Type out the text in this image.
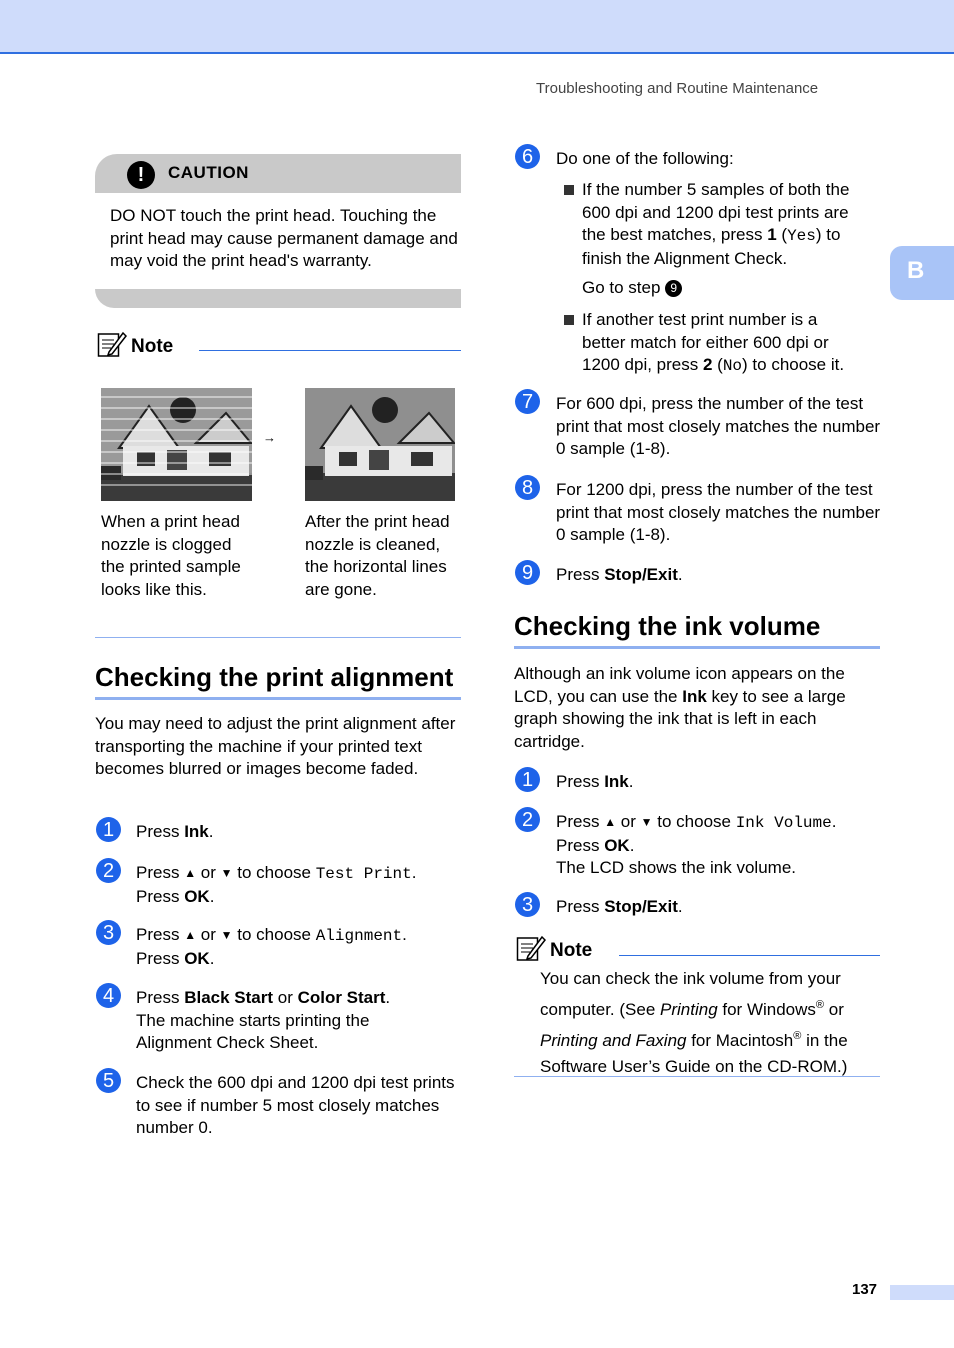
Troubleshooting and Routine Maintenance
B
!	CAUTION
DO NOT touch the print head. Touching the print head may cause permanent damage and may void the print head's warranty.
Note
→
When a print head nozzle is clogged the printed sample looks like this.
After the print head nozzle is cleaned, the horizontal lines are gone.
Checking the print alignment
You may need to adjust the print alignment after transporting the machine if your printed text becomes blurred or images become faded.
1	Press Ink.
2	Press ▲ or ▼ to choose Test Print.
Press OK.
3	Press ▲ or ▼ to choose Alignment.
Press OK.
4	Press Black Start or Color Start.
The machine starts printing the
Alignment Check Sheet.
5	Check the 600 dpi and 1200 dpi test prints to see if number 5 most closely matches number 0.
6	Do one of the following:
If the number 5 samples of both the
600 dpi and 1200 dpi test prints are
the best matches, press 1 (Yes) to
finish the Alignment Check.
Go to step 9
If another test print number is a
better match for either 600 dpi or
1200 dpi, press 2 (No) to choose it.
7	For 600 dpi, press the number of the test print that most closely matches the number 0 sample (1-8).
8	For 1200 dpi, press the number of the test print that most closely matches the number 0 sample (1-8).
9	Press Stop/Exit.
Checking the ink volume
Although an ink volume icon appears on the LCD, you can use the Ink key to see a large graph showing the ink that is left in each cartridge.
1	Press Ink.
2	Press ▲ or ▼ to choose Ink Volume.
Press OK.
The LCD shows the ink volume.
3	Press Stop/Exit.
Note
You can check the ink volume from your
computer. (See Printing for Windows® or
Printing and Faxing for Macintosh® in the
Software User’s Guide on the CD-ROM.)
137
